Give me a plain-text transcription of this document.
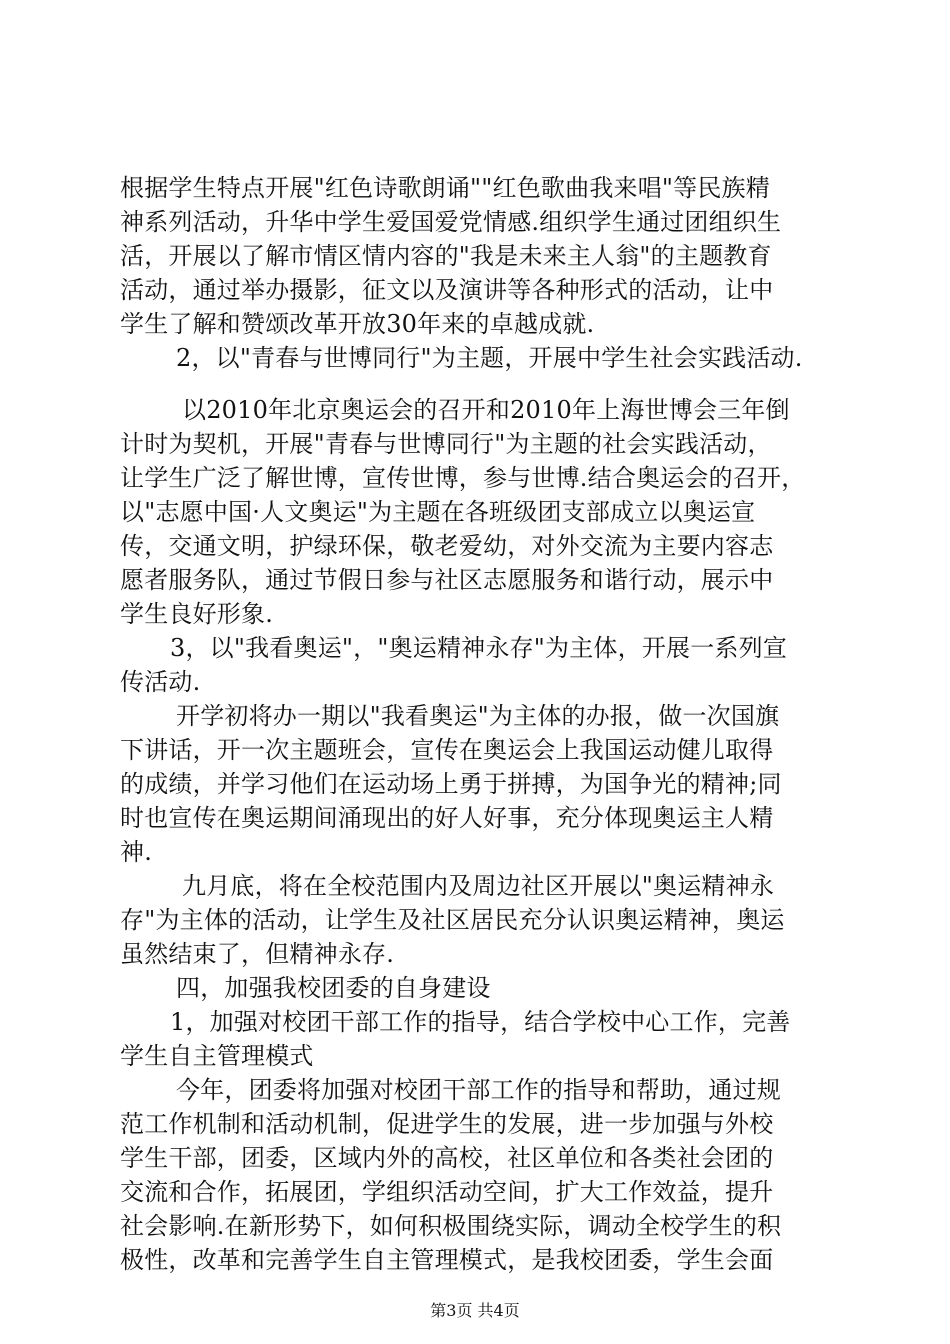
根据学生特点开展"红色诗歌朗诵""红色歌曲我来唱"等民族精
神系列活动，升华中学生爱国爱党情感.组织学生通过团组织生
活，开展以了解市情区情内容的"我是未来主人翁"的主题教育
活动，通过举办摄影，征文以及演讲等各种形式的活动，让中
学生了解和赞颂改革开放30年来的卓越成就.
2，以"青春与世博同行"为主题，开展中学生社会实践活动.
以2010年北京奥运会的召开和2010年上海世博会三年倒
计时为契机，开展"青春与世博同行"为主题的社会实践活动，
让学生广泛了解世博，宣传世博，参与世博.结合奥运会的召开，
以"志愿中国·人文奥运"为主题在各班级团支部成立以奥运宣
传，交通文明，护绿环保，敬老爱幼，对外交流为主要内容志
愿者服务队，通过节假日参与社区志愿服务和谐行动，展示中
学生良好形象.
3，以"我看奥运"，"奥运精神永存"为主体，开展一系列宣
传活动.
开学初将办一期以"我看奥运"为主体的办报，做一次国旗
下讲话，开一次主题班会，宣传在奥运会上我国运动健儿取得
的成绩，并学习他们在运动场上勇于拼搏，为国争光的精神;同
时也宣传在奥运期间涌现出的好人好事，充分体现奥运主人精
神.
九月底，将在全校范围内及周边社区开展以"奥运精神永
存"为主体的活动，让学生及社区居民充分认识奥运精神，奥运
虽然结束了，但精神永存.
四，加强我校团委的自身建设
1，加强对校团干部工作的指导，结合学校中心工作，完善
学生自主管理模式
今年，团委将加强对校团干部工作的指导和帮助，通过规
范工作机制和活动机制，促进学生的发展，进一步加强与外校
学生干部，团委，区域内外的高校，社区单位和各类社会团的
交流和合作，拓展团，学组织活动空间，扩大工作效益，提升
社会影响.在新形势下，如何积极围绕实际，调动全校学生的积
极性，改革和完善学生自主管理模式，是我校团委，学生会面
第3页 共4页
